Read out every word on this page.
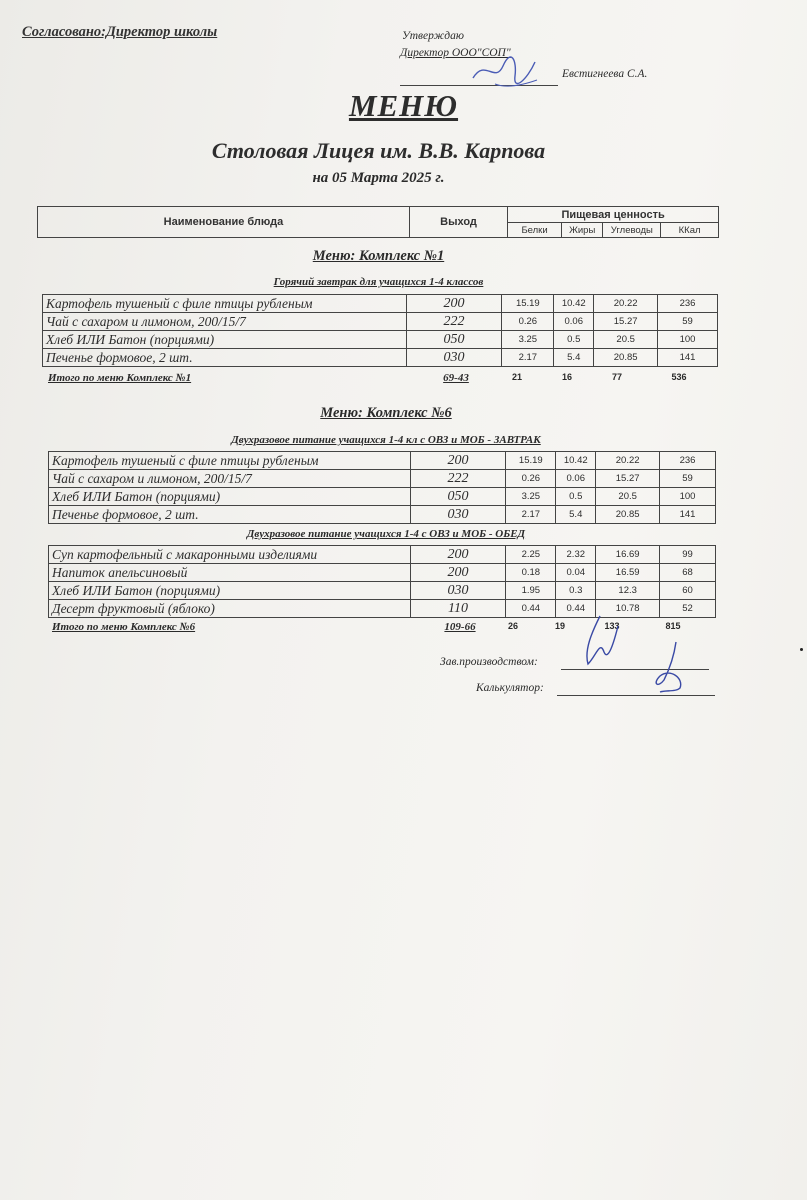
Согласовано:Директор школы	Утверждаю
Директор ООО"СОП"
Евстигнеева С.А.
МЕНЮ
Столовая Лицея им. В.В. Карпова
на 05 Марта 2025 г.
Наименование блюда	Выход	Пищевая ценность			
		Белки	Жиры	Углеводы	ККал
Меню: Комплекс №1
Горячий завтрак для учащихся 1-4 классов
Картофель тушеный с филе птицы рубленым	200	15.19	10.42	20.22	236
Чай с сахаром и лимоном, 200/15/7	222	0.26	0.06	15.27	59
Хлеб ИЛИ Батон (порциями)	050	3.25	0.5	20.5	100
Печенье формовое, 2 шт.	030	2.17	5.4	20.85	141
Итого по меню Комплекс №1	69-43	21	16	77	536
Меню: Комплекс №6
Двухразовое питание учащихся 1-4 кл с ОВЗ и МОБ - ЗАВТРАК
Картофель тушеный с филе птицы рубленым	200	15.19	10.42	20.22	236
Чай с сахаром и лимоном, 200/15/7	222	0.26	0.06	15.27	59
Хлеб ИЛИ Батон (порциями)	050	3.25	0.5	20.5	100
Печенье формовое, 2 шт.	030	2.17	5.4	20.85	141
Двухразовое питание учащихся 1-4 с ОВЗ и МОБ - ОБЕД
Суп картофельный с макаронными изделиями	200	2.25	2.32	16.69	99
Напиток апельсиновый	200	0.18	0.04	16.59	68
Хлеб ИЛИ Батон (порциями)	030	1.95	0.3	12.3	60
Десерт фруктовый (яблоко)	110	0.44	0.44	10.78	52
Итого по меню Комплекс №6	109-66	26	19	133	815
Зав.производством:
Калькулятор:
